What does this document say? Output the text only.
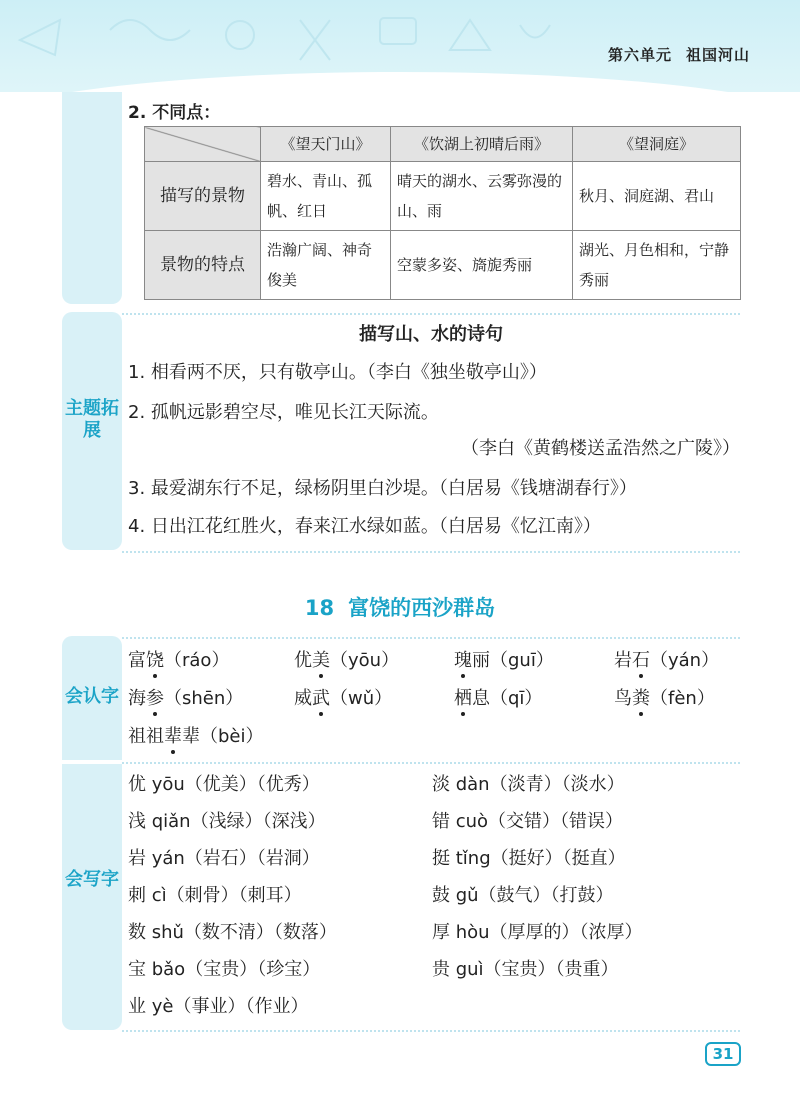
第六单元 祖国河山
2. 不同点：
	《望天门山》	《饮湖上初晴后雨》	《望洞庭》
描写的景物	碧水、青山、孤帆、红日	晴天的湖水、云雾弥漫的山、雨	秋月、洞庭湖、君山
景物的特点	浩瀚广阔、神奇俊美	空蒙多姿、旖旎秀丽	湖光、月色相和，宁静秀丽
主题拓展
描写山、水的诗句
1. 相看两不厌，只有敬亭山。（李白《独坐敬亭山》）
2. 孤帆远影碧空尽，唯见长江天际流。
（李白《黄鹤楼送孟浩然之广陵》）
3. 最爱湖东行不足，绿杨阴里白沙堤。（白居易《钱塘湖春行》）
4. 日出江花红胜火，春来江水绿如蓝。（白居易《忆江南》）
18 富饶的西沙群岛
会认字
富饶（ráo）	优美（yōu）	瑰丽（guī）	岩石（yán）
海参（shēn）	威武（wǔ）	栖息（qī）	鸟粪（fèn）
祖祖辈辈（bèi）
会写字
优 yōu（优美）（优秀）	淡 dàn（淡青）（淡水）
浅 qiǎn（浅绿）（深浅）	错 cuò（交错）（错误）
岩 yán（岩石）（岩洞）	挺 tǐng（挺好）（挺直）
刺 cì（刺骨）（刺耳）	鼓 gǔ（鼓气）（打鼓）
数 shǔ（数不清）（数落）	厚 hòu（厚厚的）（浓厚）
宝 bǎo（宝贵）（珍宝）	贵 guì（宝贵）（贵重）
业 yè（事业）（作业）
31
